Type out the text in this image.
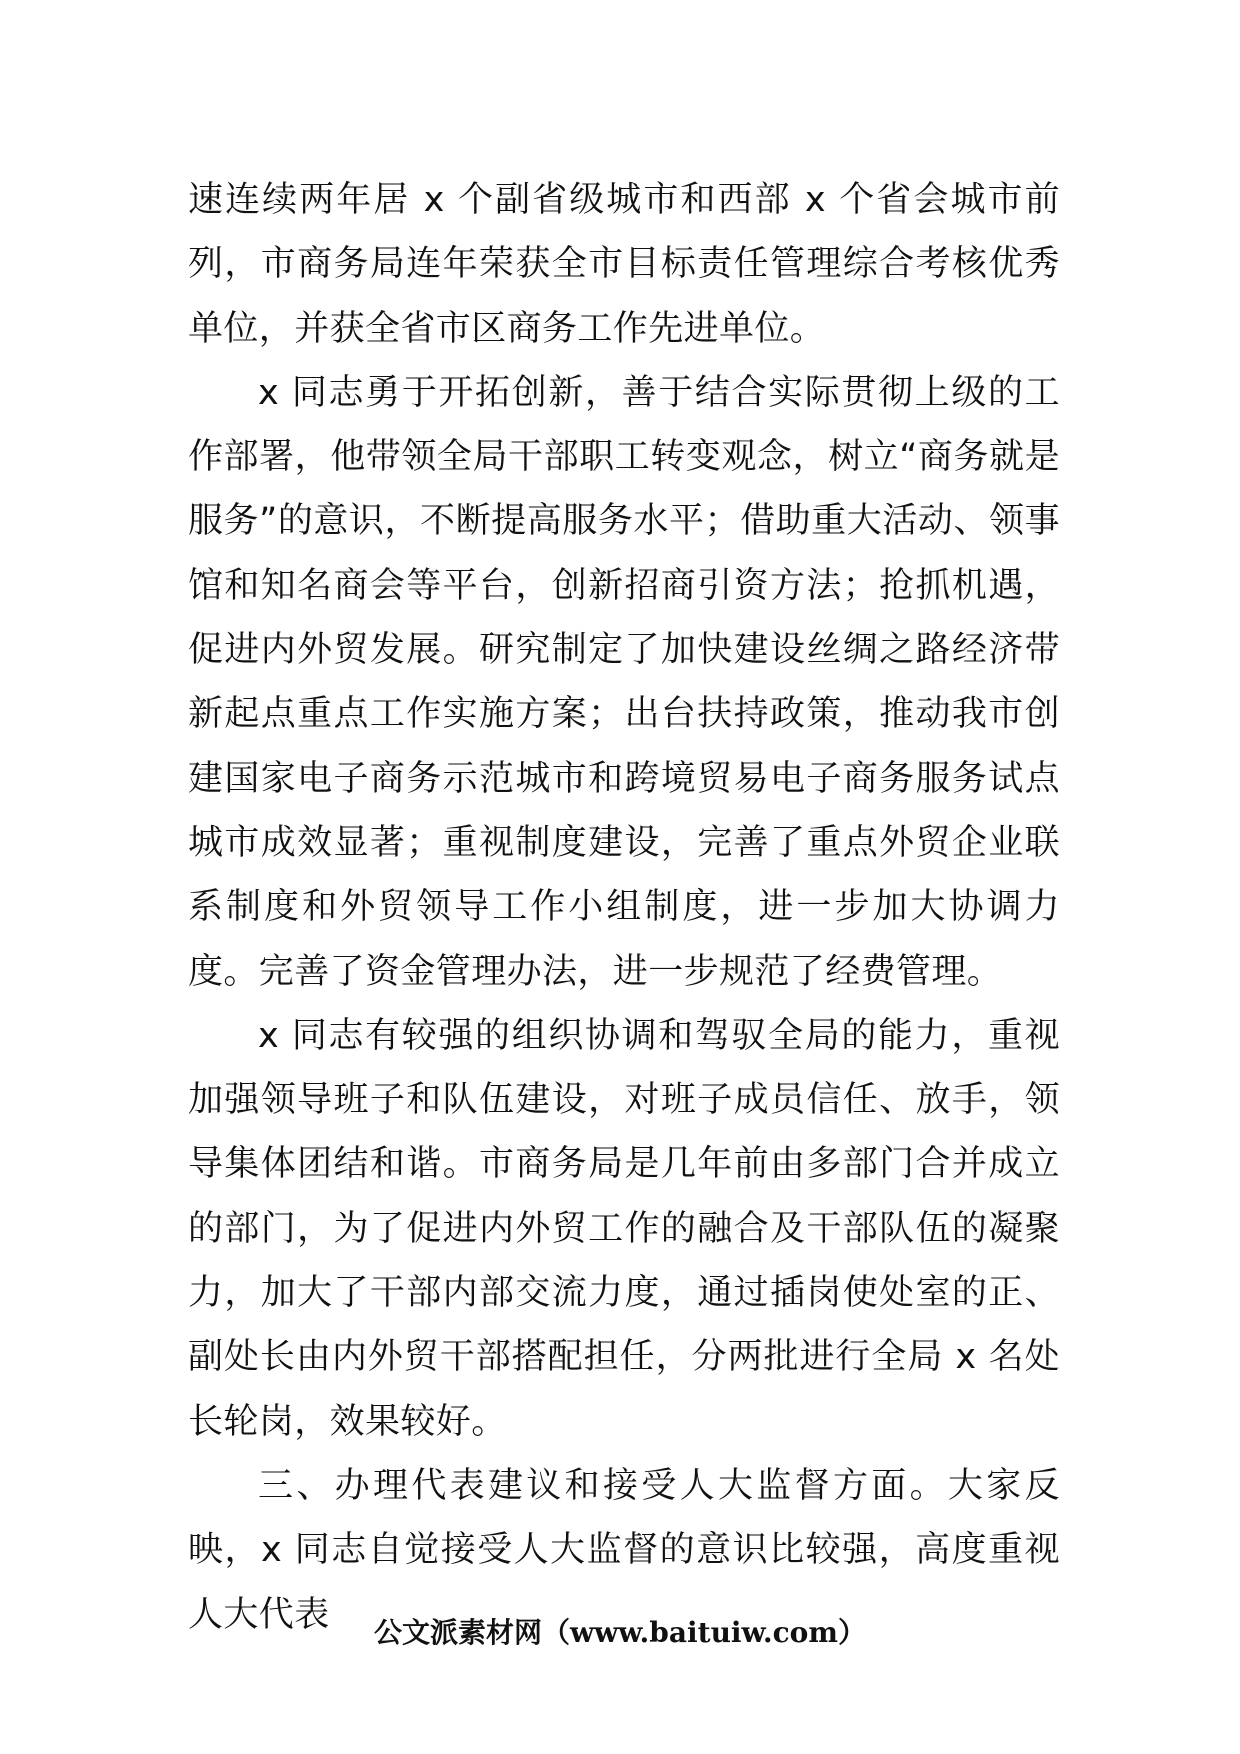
速连续两年居 x 个副省级城市和西部 x 个省会城市前列，市商务局连年荣获全市目标责任管理综合考核优秀单位，并获全省市区商务工作先进单位。

x 同志勇于开拓创新，善于结合实际贯彻上级的工作部署，他带领全局干部职工转变观念，树立“商务就是服务”的意识，不断提高服务水平；借助重大活动、领事馆和知名商会等平台，创新招商引资方法；抢抓机遇，促进内外贸发展。研究制定了加快建设丝绸之路经济带新起点重点工作实施方案；出台扶持政策，推动我市创建国家电子商务示范城市和跨境贸易电子商务服务试点城市成效显著；重视制度建设，完善了重点外贸企业联系制度和外贸领导工作小组制度，进一步加大协调力度。完善了资金管理办法，进一步规范了经费管理。

x 同志有较强的组织协调和驾驭全局的能力，重视加强领导班子和队伍建设，对班子成员信任、放手，领导集体团结和谐。市商务局是几年前由多部门合并成立的部门，为了促进内外贸工作的融合及干部队伍的凝聚力，加大了干部内部交流力度，通过插岗使处室的正、副处长由内外贸干部搭配担任，分两批进行全局 x 名处长轮岗，效果较好。

三、办理代表建议和接受人大监督方面。大家反映，x 同志自觉接受人大监督的意识比较强，高度重视人大代表	公文派素材网（www.baituiw.com）
